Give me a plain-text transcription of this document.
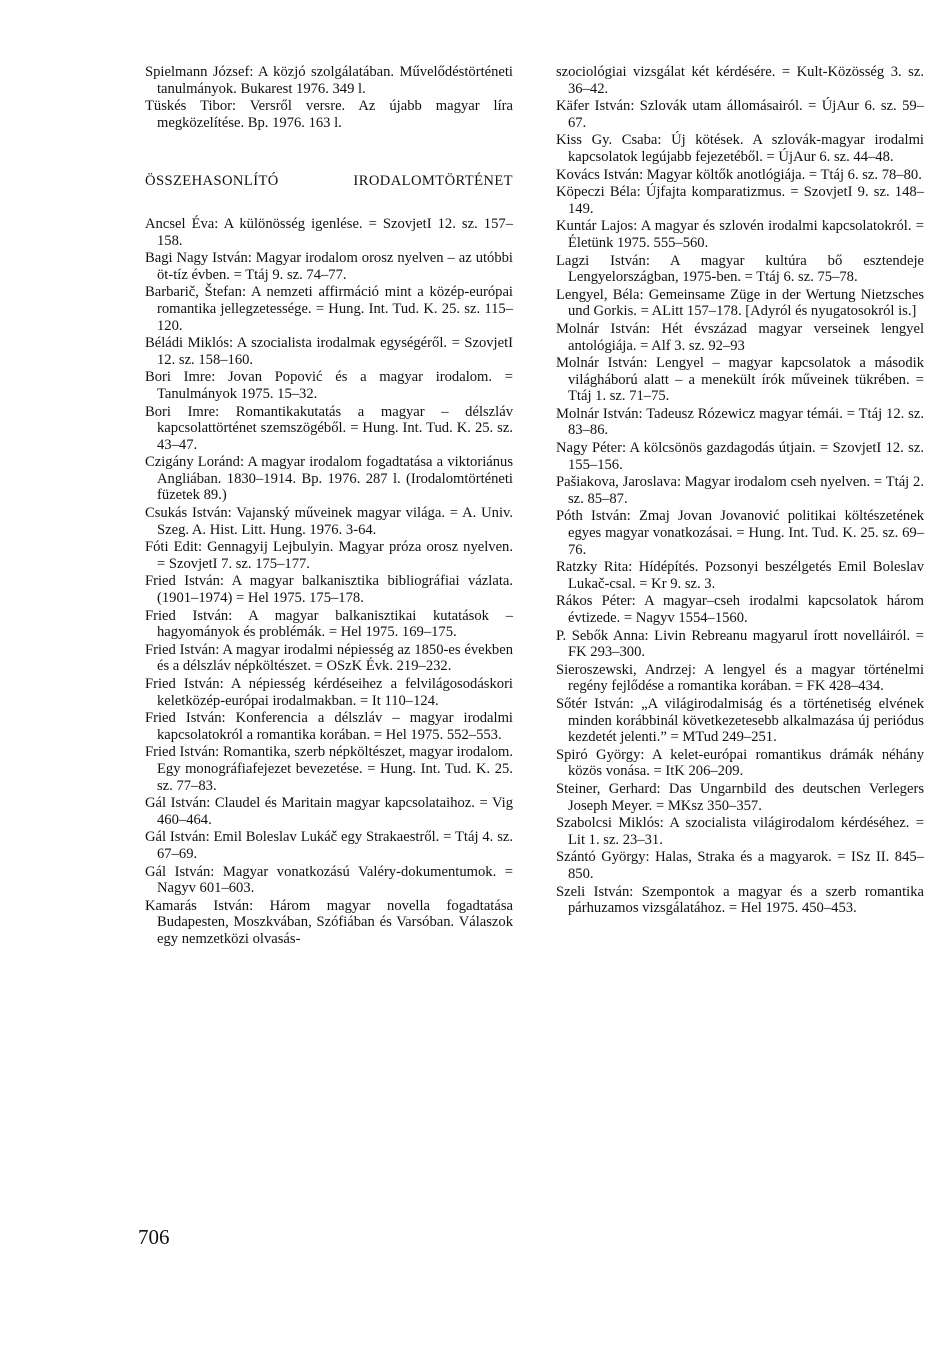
Spielmann József: A közjó szolgálatában. Művelődéstörténeti tanulmányok. Bukarest 1976. 349 l.

Tüskés Tibor: Versről versre. Az újabb magyar líra megközelítése. Bp. 1976. 163 l.

ÖSSZEHASONLÍTÓ IRODALOMTÖRTÉNET

Ancsel Éva: A különösség igenlése. = SzovjetI 12. sz. 157–158.

Bagi Nagy István: Magyar irodalom orosz nyelven – az utóbbi öt-tíz évben. = Ttáj 9. sz. 74–77.

Barbarič, Štefan: A nemzeti affirmáció mint a közép-európai romantika jellegzetessége. = Hung. Int. Tud. K. 25. sz. 115–120.

Béládi Miklós: A szocialista irodalmak egységéről. = SzovjetI 12. sz. 158–160.

Bori Imre: Jovan Popović és a magyar irodalom. = Tanulmányok 1975. 15–32.

Bori Imre: Romantikakutatás a magyar – délszláv kapcsolattörténet szemszögéből. = Hung. Int. Tud. K. 25. sz. 43–47.

Czigány Loránd: A magyar irodalom fogadtatása a viktoriánus Angliában. 1830–1914. Bp. 1976. 287 l. (Irodalomtörténeti füzetek 89.)

Csukás István: Vajanský műveinek magyar világa. = A. Univ. Szeg. A. Hist. Litt. Hung. 1976. 3-64.

Fóti Edit: Gennagyij Lejbulyin. Magyar próza orosz nyelven. = SzovjetI 7. sz. 175–177.

Fried István: A magyar balkanisztika bibliográfiai vázlata. (1901–1974) = Hel 1975. 175–178.

Fried István: A magyar balkanisztikai kutatások – hagyományok és problémák. = Hel 1975. 169–175.

Fried István: A magyar irodalmi népiesség az 1850-es években és a délszláv népköltészet. = OSzK Évk. 219–232.

Fried István: A népiesség kérdéseihez a felvilágosodáskori keletközép-európai irodalmakban. = It 110–124.

Fried István: Konferencia a délszláv – magyar irodalmi kapcsolatokról a romantika korában. = Hel 1975. 552–553.

Fried István: Romantika, szerb népköltészet, magyar irodalom. Egy monográfiafejezet bevezetése. = Hung. Int. Tud. K. 25. sz. 77–83.

Gál István: Claudel és Maritain magyar kapcsolataihoz. = Vig 460–464.

Gál István: Emil Boleslav Lukáč egy Strakaestről. = Ttáj 4. sz. 67–69.

Gál István: Magyar vonatkozású Valéry-dokumentumok. = Nagyv 601–603.

Kamarás István: Három magyar novella fogadtatása Budapesten, Moszkvában, Szófiában és Varsóban. Válaszok egy nemzetközi olvasás-

szociológiai vizsgálat két kérdésére. = Kult-Közösség 3. sz. 36–42.

Käfer István: Szlovák utam állomásairól. = ÚjAur 6. sz. 59–67.

Kiss Gy. Csaba: Új kötések. A szlovák-magyar irodalmi kapcsolatok legújabb fejezetéből. = ÚjAur 6. sz. 44–48.

Kovács István: Magyar költők anotlógiája. = Ttáj 6. sz. 78–80.

Köpeczi Béla: Újfajta komparatizmus. = SzovjetI 9. sz. 148–149.

Kuntár Lajos: A magyar és szlovén irodalmi kapcsolatokról. = Életünk 1975. 555–560.

Lagzi István: A magyar kultúra bő esztendeje Lengyelországban, 1975-ben. = Ttáj 6. sz. 75–78.

Lengyel, Béla: Gemeinsame Züge in der Wertung Nietzsches und Gorkis. = ALitt 157–178. [Adyról és nyugatosokról is.]

Molnár István: Hét évszázad magyar verseinek lengyel antológiája. = Alf 3. sz. 92–93

Molnár István: Lengyel – magyar kapcsolatok a második világháború alatt – a menekült írók műveinek tükrében. = Ttáj 1. sz. 71–75.

Molnár István: Tadeusz Rózewicz magyar témái. = Ttáj 12. sz. 83–86.

Nagy Péter: A kölcsönös gazdagodás útjain. = SzovjetI 12. sz. 155–156.

Pašiakova, Jaroslava: Magyar irodalom cseh nyelven. = Ttáj 2. sz. 85–87.

Póth István: Zmaj Jovan Jovanović politikai költészetének egyes magyar vonatkozásai. = Hung. Int. Tud. K. 25. sz. 69–76.

Ratzky Rita: Hídépítés. Pozsonyi beszélgetés Emil Boleslav Lukač-csal. = Kr 9. sz. 3.

Rákos Péter: A magyar–cseh irodalmi kapcsolatok három évtizede. = Nagyv 1554–1560.

P. Sebők Anna: Livin Rebreanu magyarul írott novelláiról. = FK 293–300.

Sieroszewski, Andrzej: A lengyel és a magyar történelmi regény fejlődése a romantika korában. = FK 428–434.

Sőtér István: „A világirodalmiság és a történetiség elvének minden korábbinál következetesebb alkalmazása új periódus kezdetét jelenti.” = MTud 249–251.

Spiró György: A kelet-európai romantikus drámák néhány közös vonása. = ItK 206–209.

Steiner, Gerhard: Das Ungarnbild des deutschen Verlegers Joseph Meyer. = MKsz 350–357.

Szabolcsi Miklós: A szocialista világirodalom kérdéséhez. = Lit 1. sz. 23–31.

Szántó György: Halas, Straka és a magyarok. = ISz II. 845–850.

Szeli István: Szempontok a magyar és a szerb romantika párhuzamos vizsgálatához. = Hel 1975. 450–453.

706
